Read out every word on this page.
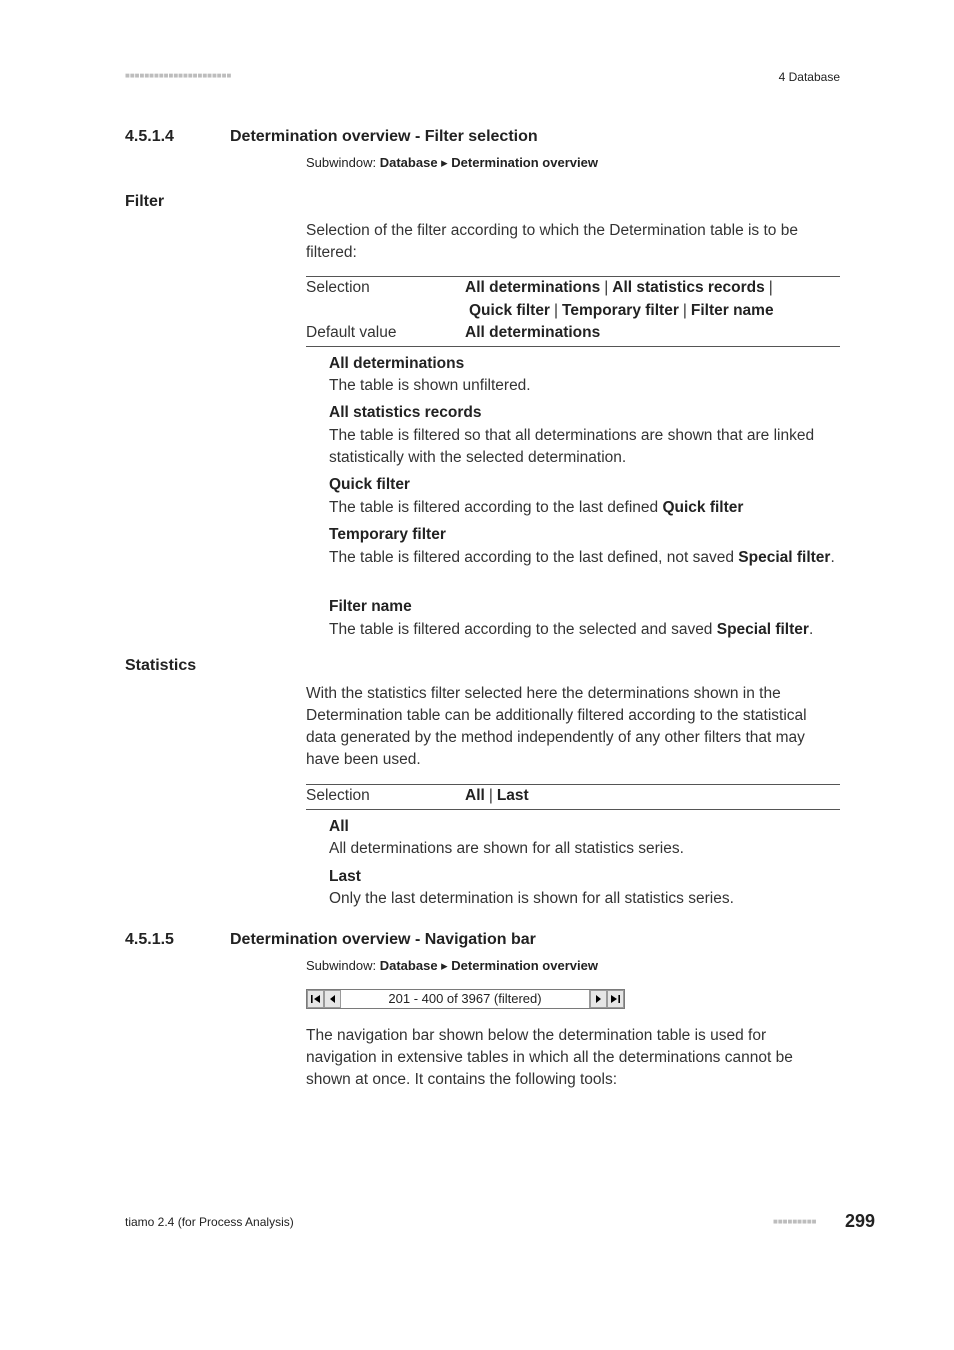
■■■■■■■■■■■■■■■■■■■■■■	4 Database
4.5.1.4	Determination overview - Filter selection
Subwindow: Database ▸ Determination overview
Filter
Selection of the filter according to which the Determination table is to be filtered:
Selection	All determinations | All statistics records |
Quick filter | Temporary filter | Filter name
Default value	All determinations
All determinations
The table is shown unfiltered.
All statistics records
The table is filtered so that all determinations are shown that are linked statistically with the selected determination.
Quick filter
The table is filtered according to the last defined Quick filter
Temporary filter
The table is filtered according to the last defined, not saved Special filter.
Filter name
The table is filtered according to the selected and saved Special filter.
Statistics
With the statistics filter selected here the determinations shown in the Determination table can be additionally filtered according to the statistical data generated by the method independently of any other filters that may have been used.
Selection	All | Last
All
All determinations are shown for all statistics series.
Last
Only the last determination is shown for all statistics series.
4.5.1.5	Determination overview - Navigation bar
Subwindow: Database ▸ Determination overview
201 - 400 of 3967 (filtered)
The navigation bar shown below the determination table is used for navigation in extensive tables in which all the determinations cannot be shown at once. It contains the following tools:
tiamo 2.4 (for Process Analysis)	■■■■■■■■■ 299
